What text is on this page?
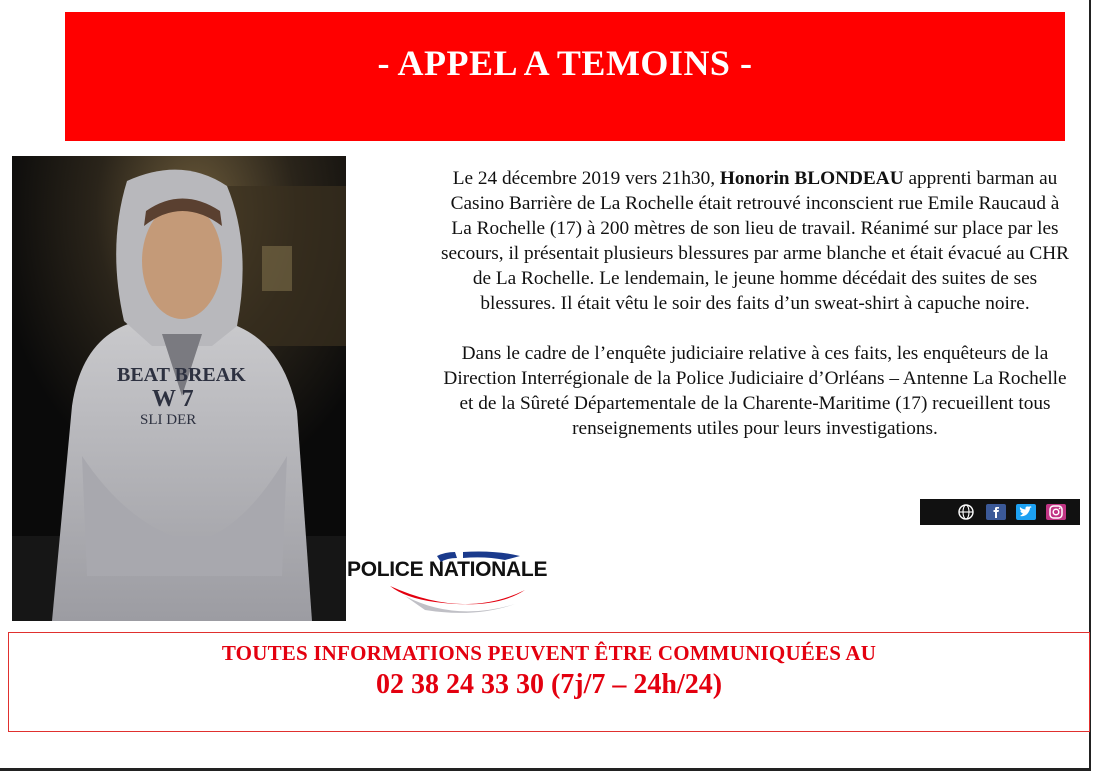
- APPEL A TEMOINS -
BEAT BREAK
W 7
SLI DER

Le 24 décembre 2019 vers 21h30, Honorin BLONDEAU apprenti barman au Casino Barrière de La Rochelle était retrouvé inconscient rue Emile Raucaud à La Rochelle (17) à 200 mètres de son lieu de travail. Réanimé sur place par les secours, il présentait plusieurs blessures par arme blanche et était évacué au CHR de La Rochelle. Le lendemain, le jeune homme décédait des suites de ses blessures. Il était vêtu le soir des faits d’un sweat-shirt à capuche noire.

Dans le cadre de l’enquête judiciaire relative à ces faits, les enquêteurs de la Direction Interrégionale de la Police Judiciaire d’Orléans – Antenne La Rochelle et de la Sûreté Départementale de la Charente-Maritime (17) recueillent tous renseignements utiles pour leurs investigations.

POLICE NATIONALE
TOUTES INFORMATIONS PEUVENT ÊTRE COMMUNIQUÉES AU
02 38 24 33 30 (7j/7 – 24h/24)
